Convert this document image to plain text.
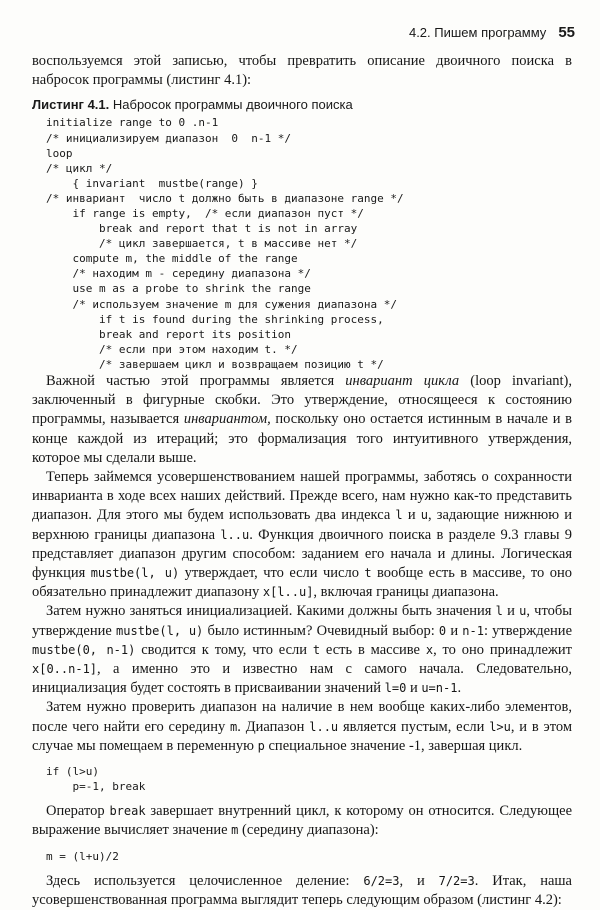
4.2. Пишем программу 55

воспользуемся этой записью, чтобы превратить описание двоичного поиска в набросок программы (листинг 4.1):

Листинг 4.1. Набросок программы двоичного поиска
initialize range to 0 .n-1
/* инициализируем диапазон  0  n-1 */
loop
/* цикл */
{ invariant  mustbe(range) }
/* инвариант  число t должно быть в диапазоне range */
if range is empty,  /* если диапазон пуст */
break and report that t is not in array
/* цикл завершается, t в массиве нет */
compute m, the middle of the range
/* находим m - середину диапазона */
use m as a probe to shrink the range
/* используем значение m для сужения диапазона */
if t is found during the shrinking process,
break and report its position
/* если при этом находим t. */
/* завершаем цикл и возвращаем позицию t */

Важной частью этой программы является инвариант цикла (loop invariant), заключенный в фигурные скобки. Это утверждение, относящееся к состоянию программы, называется инвариантом, поскольку оно остается истинным в начале и в конце каждой из итераций; это формализация того интуитивного утверждения, которое мы сделали выше.

Теперь займемся усовершенствованием нашей программы, заботясь о сохранности инварианта в ходе всех наших действий. Прежде всего, нам нужно как-то представить диапазон. Для этого мы будем использовать два индекса l и u, задающие нижнюю и верхнюю границы диапазона l..u. Функция двоичного поиска в разделе 9.3 главы 9 представляет диапазон другим способом: заданием его начала и длины. Логическая функция mustbe(l, u) утверждает, что если число t вообще есть в массиве, то оно обязательно принадлежит диапазону x[l..u], включая границы диапазона.

Затем нужно заняться инициализацией. Какими должны быть значения l и u, чтобы утверждение mustbe(l, u) было истинным? Очевидный выбор: 0 и n-1: утверждение mustbe(0, n-1) сводится к тому, что если t есть в массиве x, то оно принадлежит x[0..n-1], а именно это и известно нам с самого начала. Следовательно, инициализация будет состоять в присваивании значений l=0 и u=n-1.

Затем нужно проверить диапазон на наличие в нем вообще каких-либо элементов, после чего найти его середину m. Диапазон l..u является пустым, если l>u, и в этом случае мы помещаем в переменную p специальное значение -1, завершая цикл.

if (l>u)
p=-1, break

Оператор break завершает внутренний цикл, к которому он относится. Следующее выражение вычисляет значение m (середину диапазона):

m = (l+u)/2

Здесь используется целочисленное деление: 6/2=3, и 7/2=3. Итак, наша усовершенствованная программа выглядит теперь следующим образом (листинг 4.2):
